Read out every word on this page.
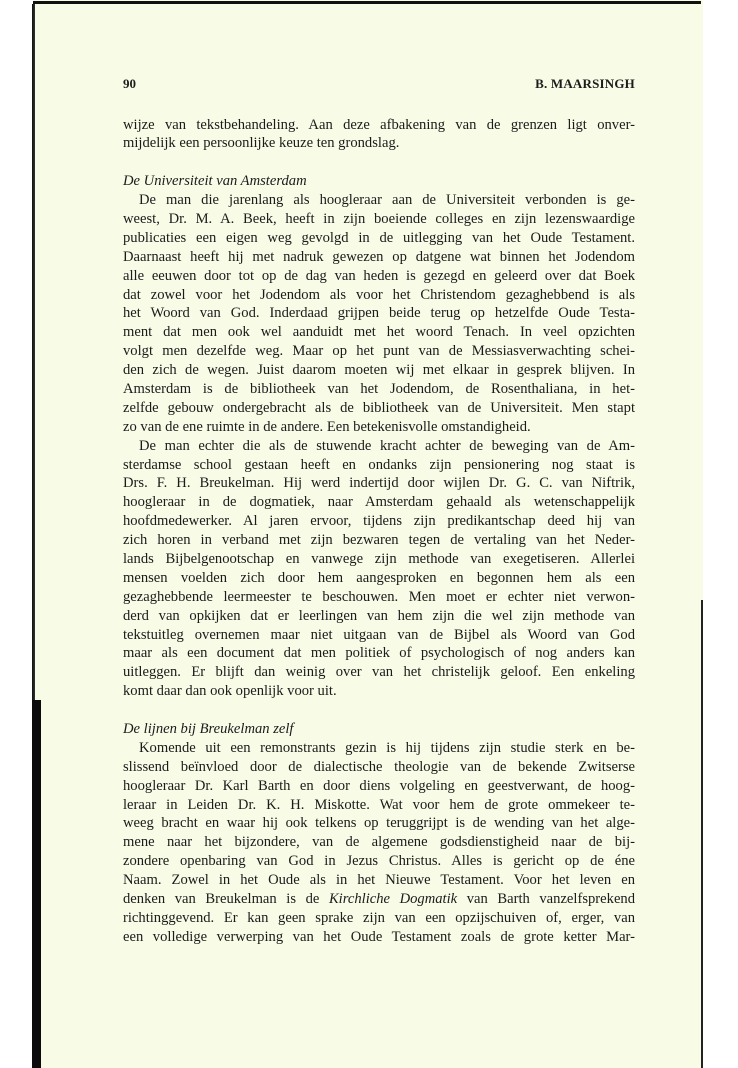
90	B. MAARSINGH
wijze van tekstbehandeling. Aan deze afbakening van de grenzen ligt onver-
mijdelijk een persoonlijke keuze ten grondslag.
De Universiteit van Amsterdam
De man die jarenlang als hoogleraar aan de Universiteit verbonden is ge-
weest, Dr. M. A. Beek, heeft in zijn boeiende colleges en zijn lezenswaardige
publicaties een eigen weg gevolgd in de uitlegging van het Oude Testament.
Daarnaast heeft hij met nadruk gewezen op datgene wat binnen het Jodendom
alle eeuwen door tot op de dag van heden is gezegd en geleerd over dat Boek
dat zowel voor het Jodendom als voor het Christendom gezaghebbend is als
het Woord van God. Inderdaad grijpen beide terug op hetzelfde Oude Testa-
ment dat men ook wel aanduidt met het woord Tenach. In veel opzichten
volgt men dezelfde weg. Maar op het punt van de Messiasverwachting schei-
den zich de wegen. Juist daarom moeten wij met elkaar in gesprek blijven. In
Amsterdam is de bibliotheek van het Jodendom, de Rosenthaliana, in het-
zelfde gebouw ondergebracht als de bibliotheek van de Universiteit. Men stapt
zo van de ene ruimte in de andere. Een betekenisvolle omstandigheid.
De man echter die als de stuwende kracht achter de beweging van de Am-
sterdamse school gestaan heeft en ondanks zijn pensionering nog staat is
Drs. F. H. Breukelman. Hij werd indertijd door wijlen Dr. G. C. van Niftrik,
hoogleraar in de dogmatiek, naar Amsterdam gehaald als wetenschappelijk
hoofdmedewerker. Al jaren ervoor, tijdens zijn predikantschap deed hij van
zich horen in verband met zijn bezwaren tegen de vertaling van het Neder-
lands Bijbelgenootschap en vanwege zijn methode van exegetiseren. Allerlei
mensen voelden zich door hem aangesproken en begonnen hem als een
gezaghebbende leermeester te beschouwen. Men moet er echter niet verwon-
derd van opkijken dat er leerlingen van hem zijn die wel zijn methode van
tekstuitleg overnemen maar niet uitgaan van de Bijbel als Woord van God
maar als een document dat men politiek of psychologisch of nog anders kan
uitleggen. Er blijft dan weinig over van het christelijk geloof. Een enkeling
komt daar dan ook openlijk voor uit.
De lijnen bij Breukelman zelf
Komende uit een remonstrants gezin is hij tijdens zijn studie sterk en be-
slissend beïnvloed door de dialectische theologie van de bekende Zwitserse
hoogleraar Dr. Karl Barth en door diens volgeling en geestverwant, de hoog-
leraar in Leiden Dr. K. H. Miskotte. Wat voor hem de grote ommekeer te-
weeg bracht en waar hij ook telkens op teruggrijpt is de wending van het alge-
mene naar het bijzondere, van de algemene godsdienstigheid naar de bij-
zondere openbaring van God in Jezus Christus. Alles is gericht op de éne
Naam. Zowel in het Oude als in het Nieuwe Testament. Voor het leven en
denken van Breukelman is de Kirchliche Dogmatik van Barth vanzelfsprekend
richtinggevend. Er kan geen sprake zijn van een opzijschuiven of, erger, van
een volledige verwerping van het Oude Testament zoals de grote ketter Mar-
